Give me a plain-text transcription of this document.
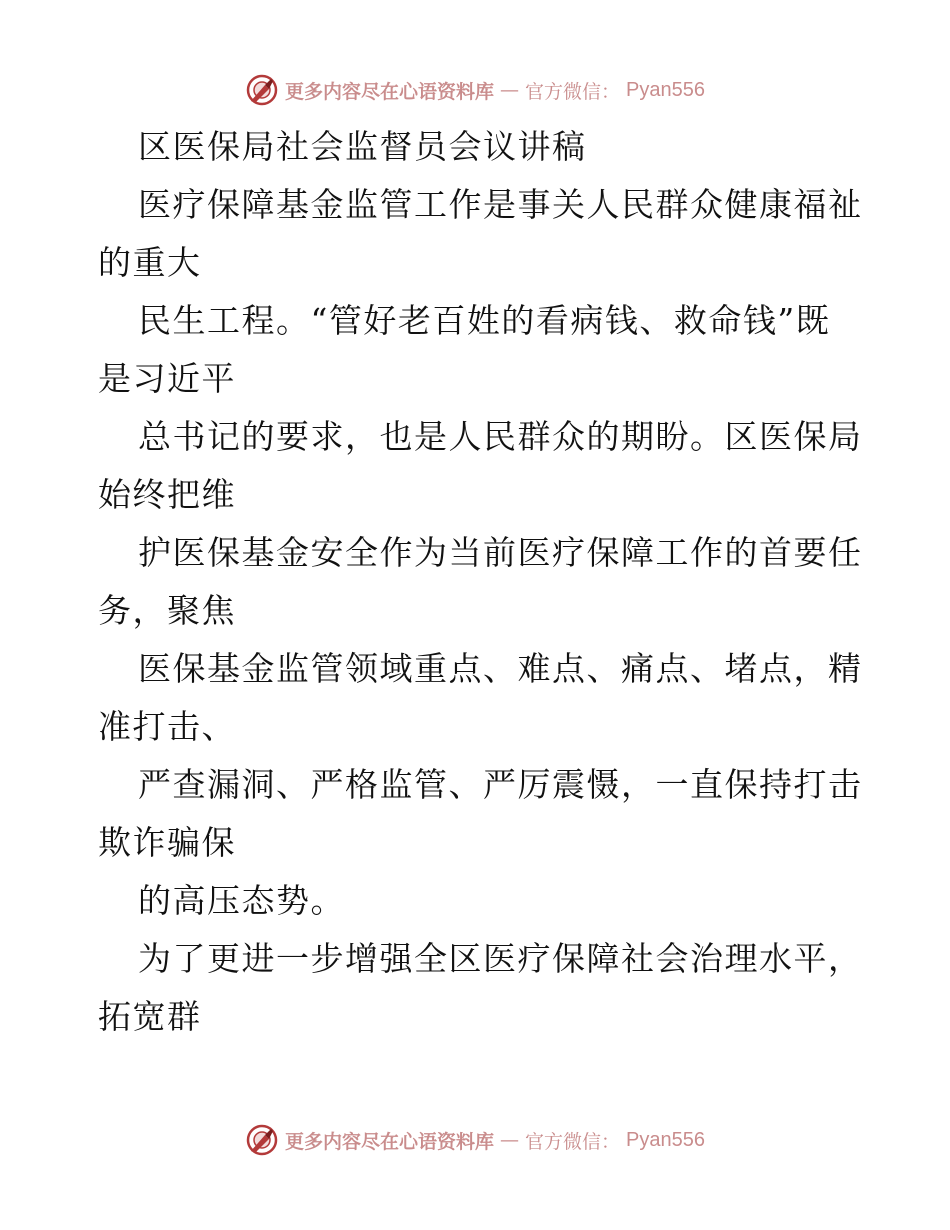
更多内容尽在心语资料库 — 官方微信： Pyan556
区医保局社会监督员会议讲稿
医疗保障基金监管工作是事关人民群众健康福祉
的重大
民生工程。“管好老百姓的看病钱、救命钱”既
是习近平
总书记的要求，也是人民群众的期盼。区医保局
始终把维
护医保基金安全作为当前医疗保障工作的首要任
务，聚焦
医保基金监管领域重点、难点、痛点、堵点，精
准打击、
严查漏洞、严格监管、严厉震慑，一直保持打击
欺诈骗保
的高压态势。
为了更进一步增强全区医疗保障社会治理水平，
拓宽群
更多内容尽在心语资料库 — 官方微信： Pyan556
